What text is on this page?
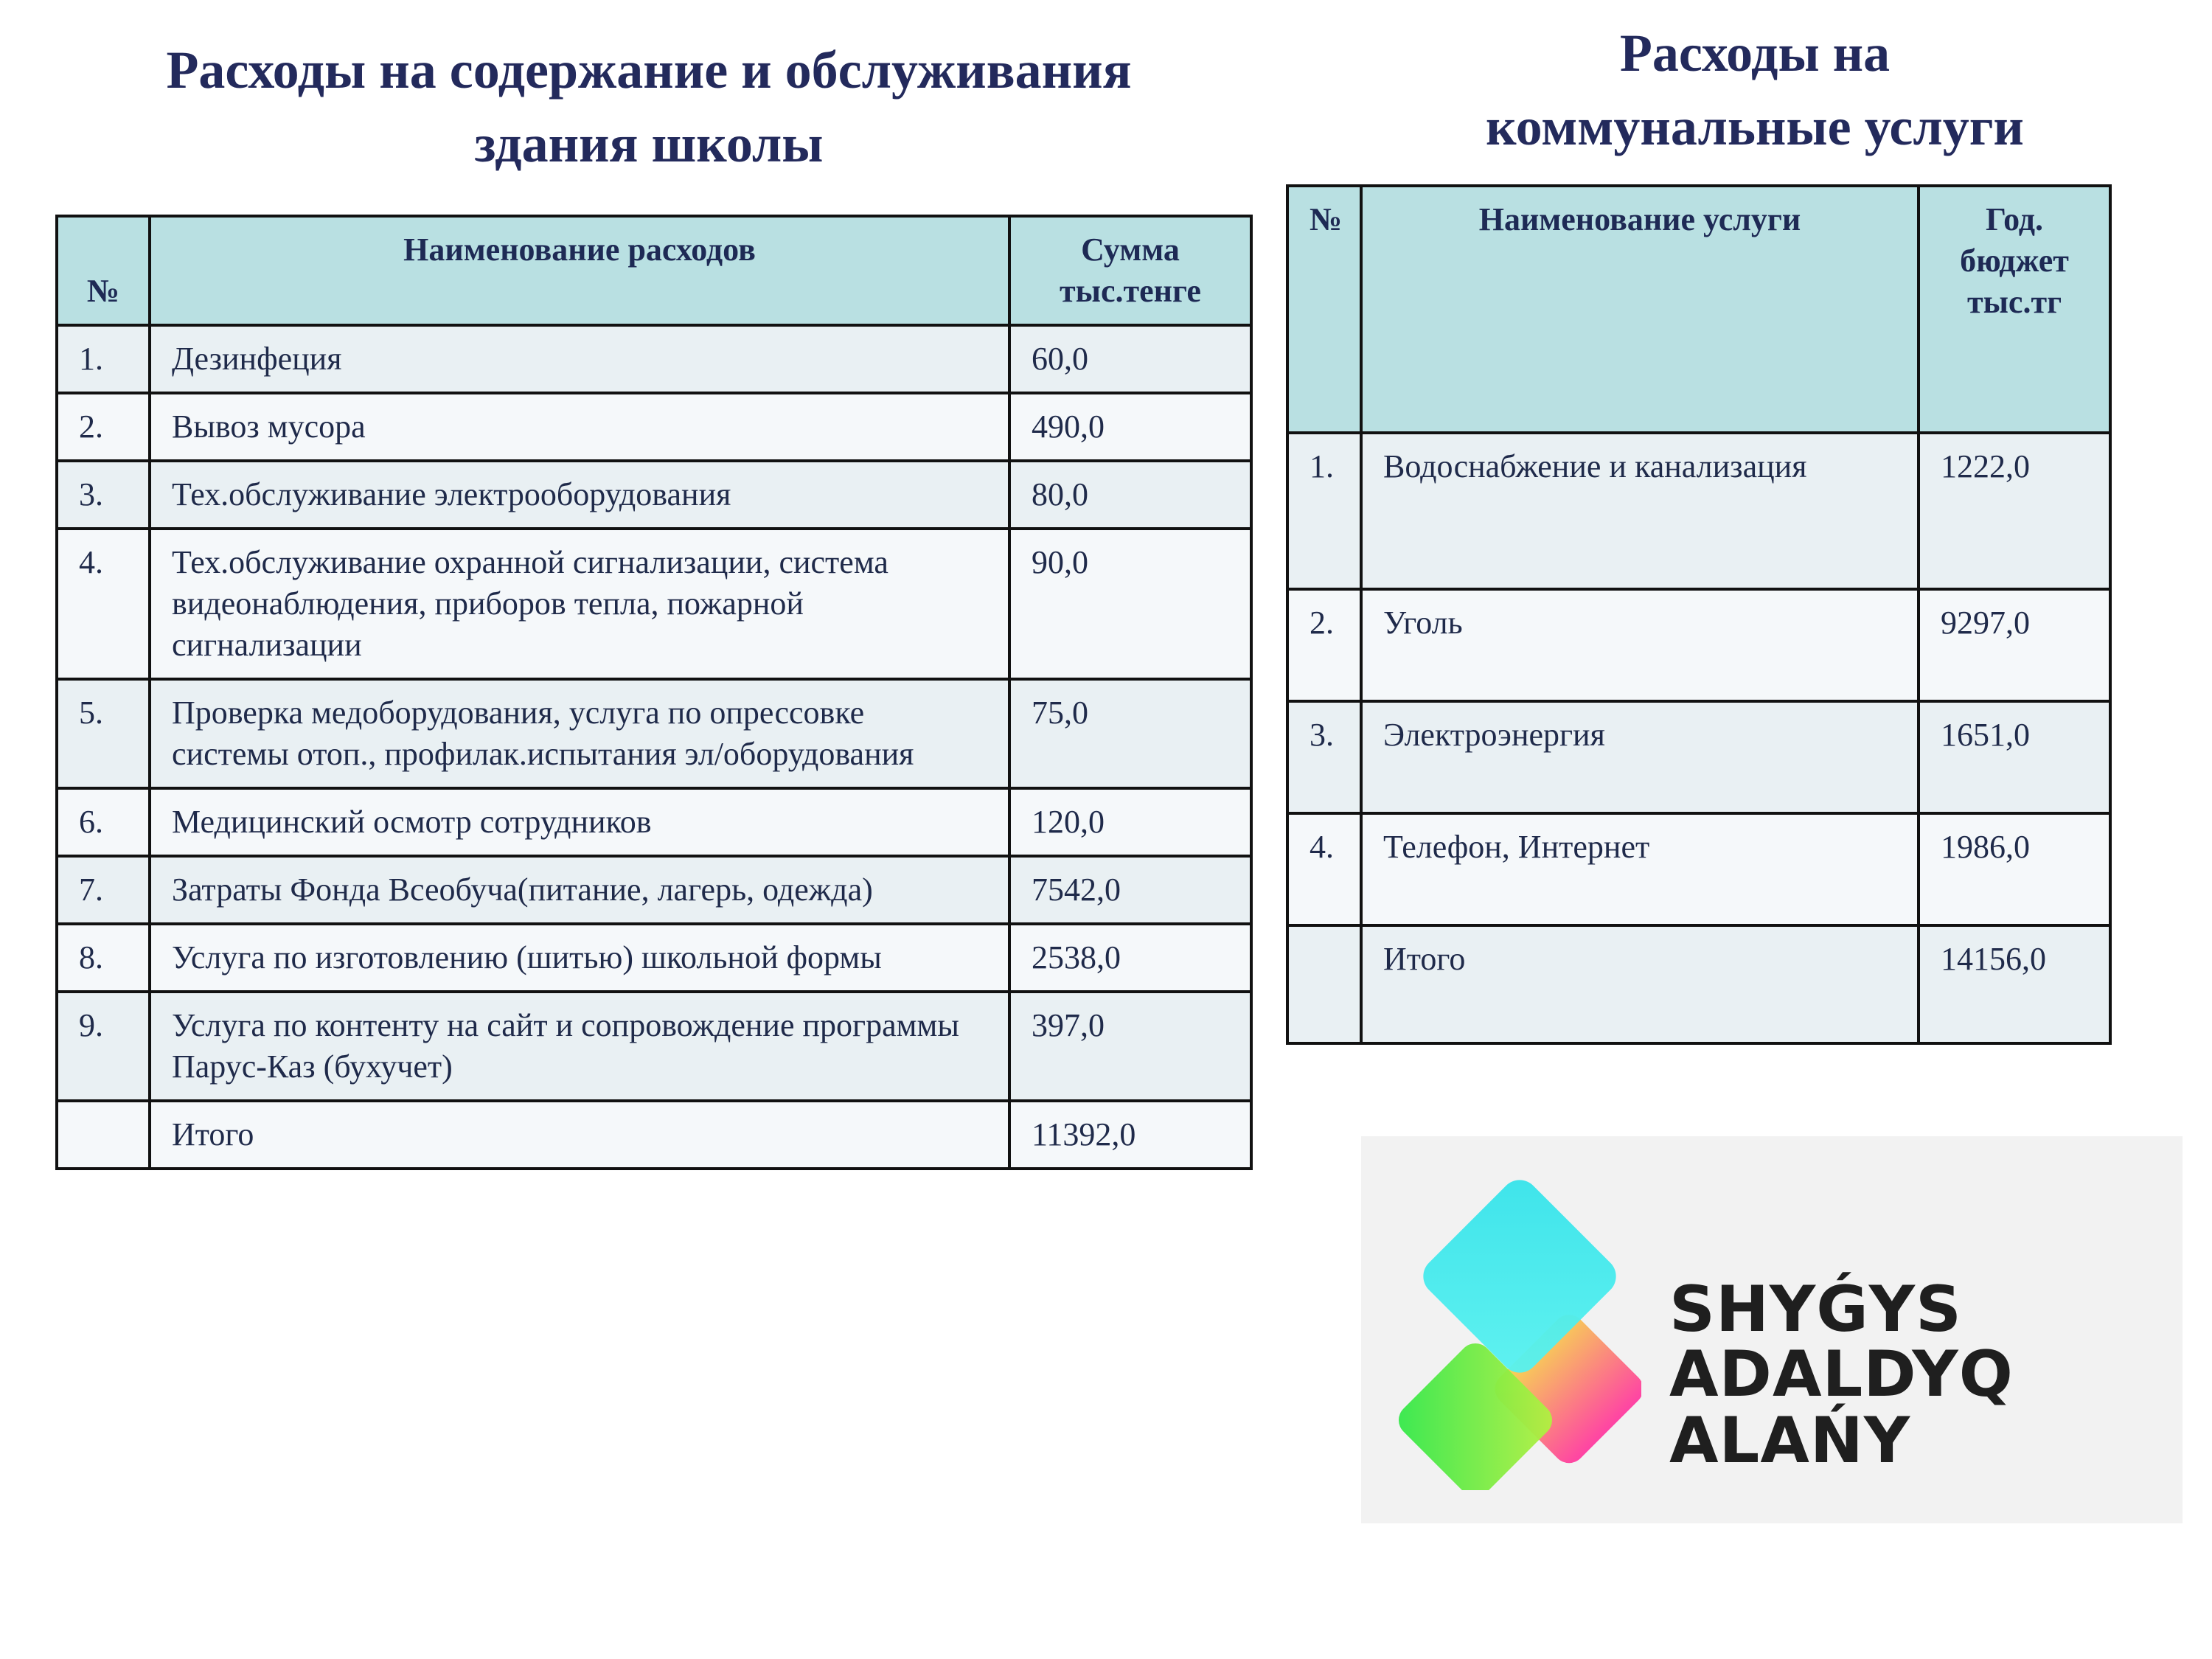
Расходы на содержание и обслуживания
здания школы
Расходы на
коммунальные услуги
№	Наименование расходов	Сумма
тыс.тенге

1.	Дезинфеция	60,0
2.	Вывоз мусора	490,0
3.	Тех.обслуживание электрооборудования	80,0
4.	Тех.обслуживание охранной сигнализации, система видеонаблюдения, приборов тепла, пожарной сигнализации	90,0
5.	Проверка медоборудования, услуга по опрессовке системы отоп., профилак.испытания эл/оборудования	75,0
6.	Медицинский осмотр сотрудников	120,0
7.	Затраты Фонда Всеобуча(питание, лагерь, одежда)	7542,0
8.	Услуга по изготовлению (шитью) школьной формы	2538,0
9.	Услуга по контенту на сайт и сопровождение программы Парус-Каз (бухучет)	397,0
	Итого	11392,0
№	Наименование услуги	Год.
бюджет
тыс.тг

1.	Водоснабжение и канализация	1222,0
2.	Уголь	9297,0
3.	Электроэнергия	1651,0
4.	Телефон, Интернет	1986,0
	Итого	14156,0
SHYǴYS
ADALDYQ ALAŃY
